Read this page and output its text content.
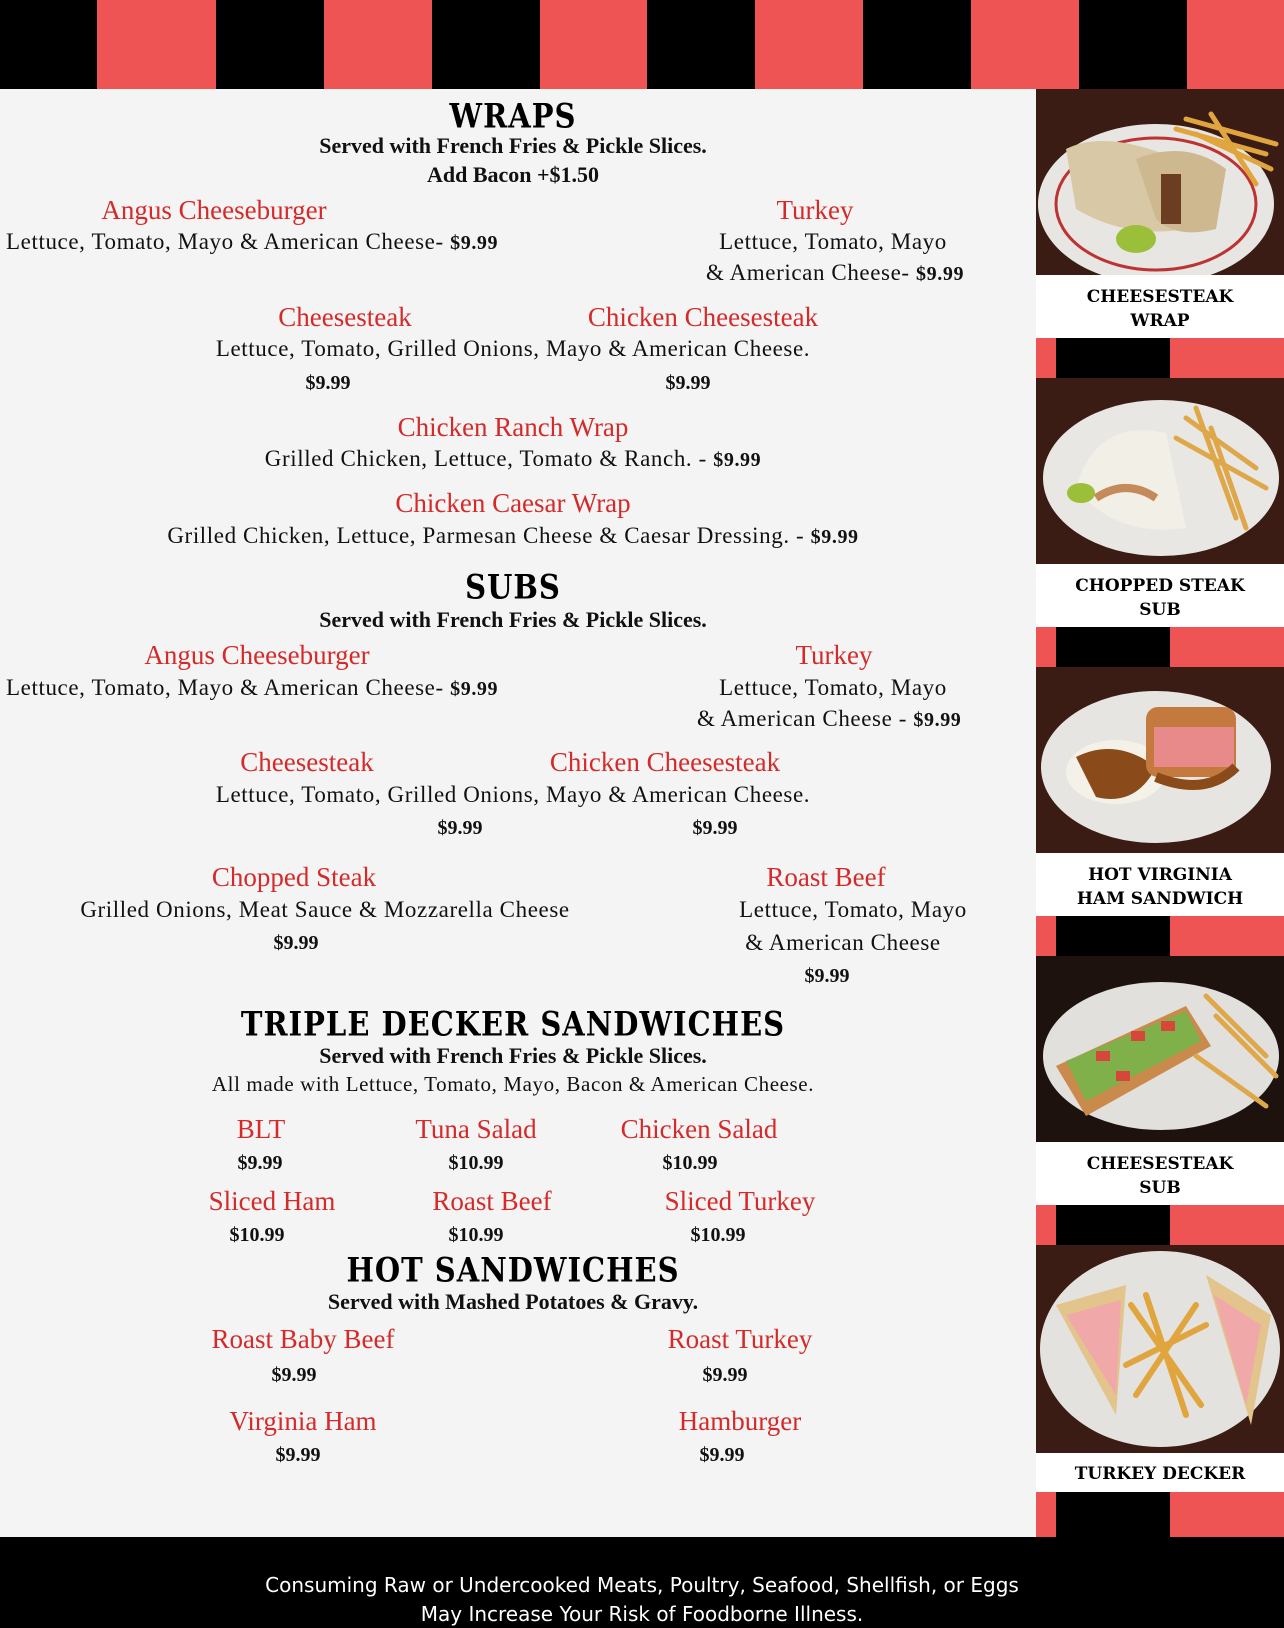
WRAPS
Served with French Fries & Pickle Slices.
Add Bacon +$1.50
Angus Cheeseburger
Lettuce, Tomato, Mayo & American Cheese- $9.99
Turkey
Lettuce, Tomato, Mayo
& American Cheese- $9.99
Cheesesteak	Chicken Cheesesteak
Lettuce, Tomato, Grilled Onions, Mayo & American Cheese.
$9.99	$9.99
Chicken Ranch Wrap
Grilled Chicken, Lettuce, Tomato & Ranch. - $9.99
Chicken Caesar Wrap
Grilled Chicken, Lettuce, Parmesan Cheese & Caesar Dressing. - $9.99
SUBS
Served with French Fries & Pickle Slices.
Angus Cheeseburger
Lettuce, Tomato, Mayo & American Cheese- $9.99
Turkey
Lettuce, Tomato, Mayo
& American Cheese - $9.99
Cheesesteak	Chicken Cheesesteak
Lettuce, Tomato, Grilled Onions, Mayo & American Cheese.
$9.99	$9.99
Chopped Steak
Grilled Onions, Meat Sauce & Mozzarella Cheese
$9.99
Roast Beef
Lettuce, Tomato, Mayo
& American Cheese
$9.99
TRIPLE DECKER SANDWICHES
Served with French Fries & Pickle Slices.
All made with Lettuce, Tomato, Mayo, Bacon & American Cheese.
BLT	Tuna Salad	Chicken Salad
$9.99	$10.99	$10.99
Sliced Ham	Roast Beef	Sliced Turkey
$10.99	$10.99	$10.99
HOT SANDWICHES
Served with Mashed Potatoes & Gravy.
Roast Baby Beef	Roast Turkey
$9.99	$9.99
Virginia Ham	Hamburger
$9.99	$9.99
CHEESESTEAK
WRAP
CHOPPED STEAK
SUB
HOT VIRGINIA
HAM SANDWICH
CHEESESTEAK
SUB
TURKEY DECKER
Consuming Raw or Undercooked Meats, Poultry, Seafood, Shellfish, or Eggs
May Increase Your Risk of Foodborne Illness.
